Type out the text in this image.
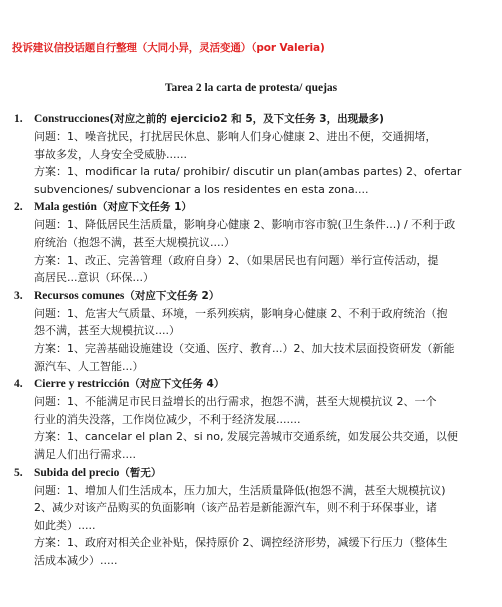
投诉建议信投话题自行整理（大同小异，灵活变通）（por Valeria)
Tarea 2 la carta de protesta/ quejas
1. Construcciones(对应之前的 ejercicio2 和 5，及下文任务 3，出现最多)
问题：1、噪音扰民，打扰居民休息、影响人们身心健康 2、进出不便，交通拥堵，
事故多发，人身安全受威胁......
方案：1、modificar la ruta/ prohibir/ discutir un plan(ambas partes) 2、ofertar
subvenciones/ subvencionar a los residentes en esta zona....
2. Mala gestión（对应下文任务 1）
问题：1、降低居民生活质量，影响身心健康 2、影响市容市貌(卫生条件...) / 不利于政
府统治（抱怨不满，甚至大规模抗议....）
方案：1、改正、完善管理（政府自身）2、（如果居民也有问题）举行宣传活动，提
高居民...意识（环保...）
3. Recursos comunes（对应下文任务 2）
问题：1、危害大气质量、环境，一系列疾病，影响身心健康 2、不利于政府统治（抱
怨不满，甚至大规模抗议....）
方案：1、完善基础设施建设（交通、医疗、教育...）2、加大技术层面投资研发（新能
源汽车、人工智能...）
4. Cierre y restricción（对应下文任务 4）
问题：1、不能满足市民日益增长的出行需求，抱怨不满，甚至大规模抗议 2、一个
行业的消失没落，工作岗位减少，不利于经济发展.......
方案：1、cancelar el plan 2、si no, 发展完善城市交通系统，如发展公共交通，以便
满足人们出行需求....
5. Subida del precio（暂无）
问题：1、增加人们生活成本，压力加大，生活质量降低(抱怨不满，甚至大规模抗议)
2、减少对该产品购买的负面影响（该产品若是新能源汽车，则不利于环保事业，诸
如此类）.....
方案：1、政府对相关企业补贴，保持原价 2、调控经济形势，减缓下行压力（整体生
活成本减少）.....
